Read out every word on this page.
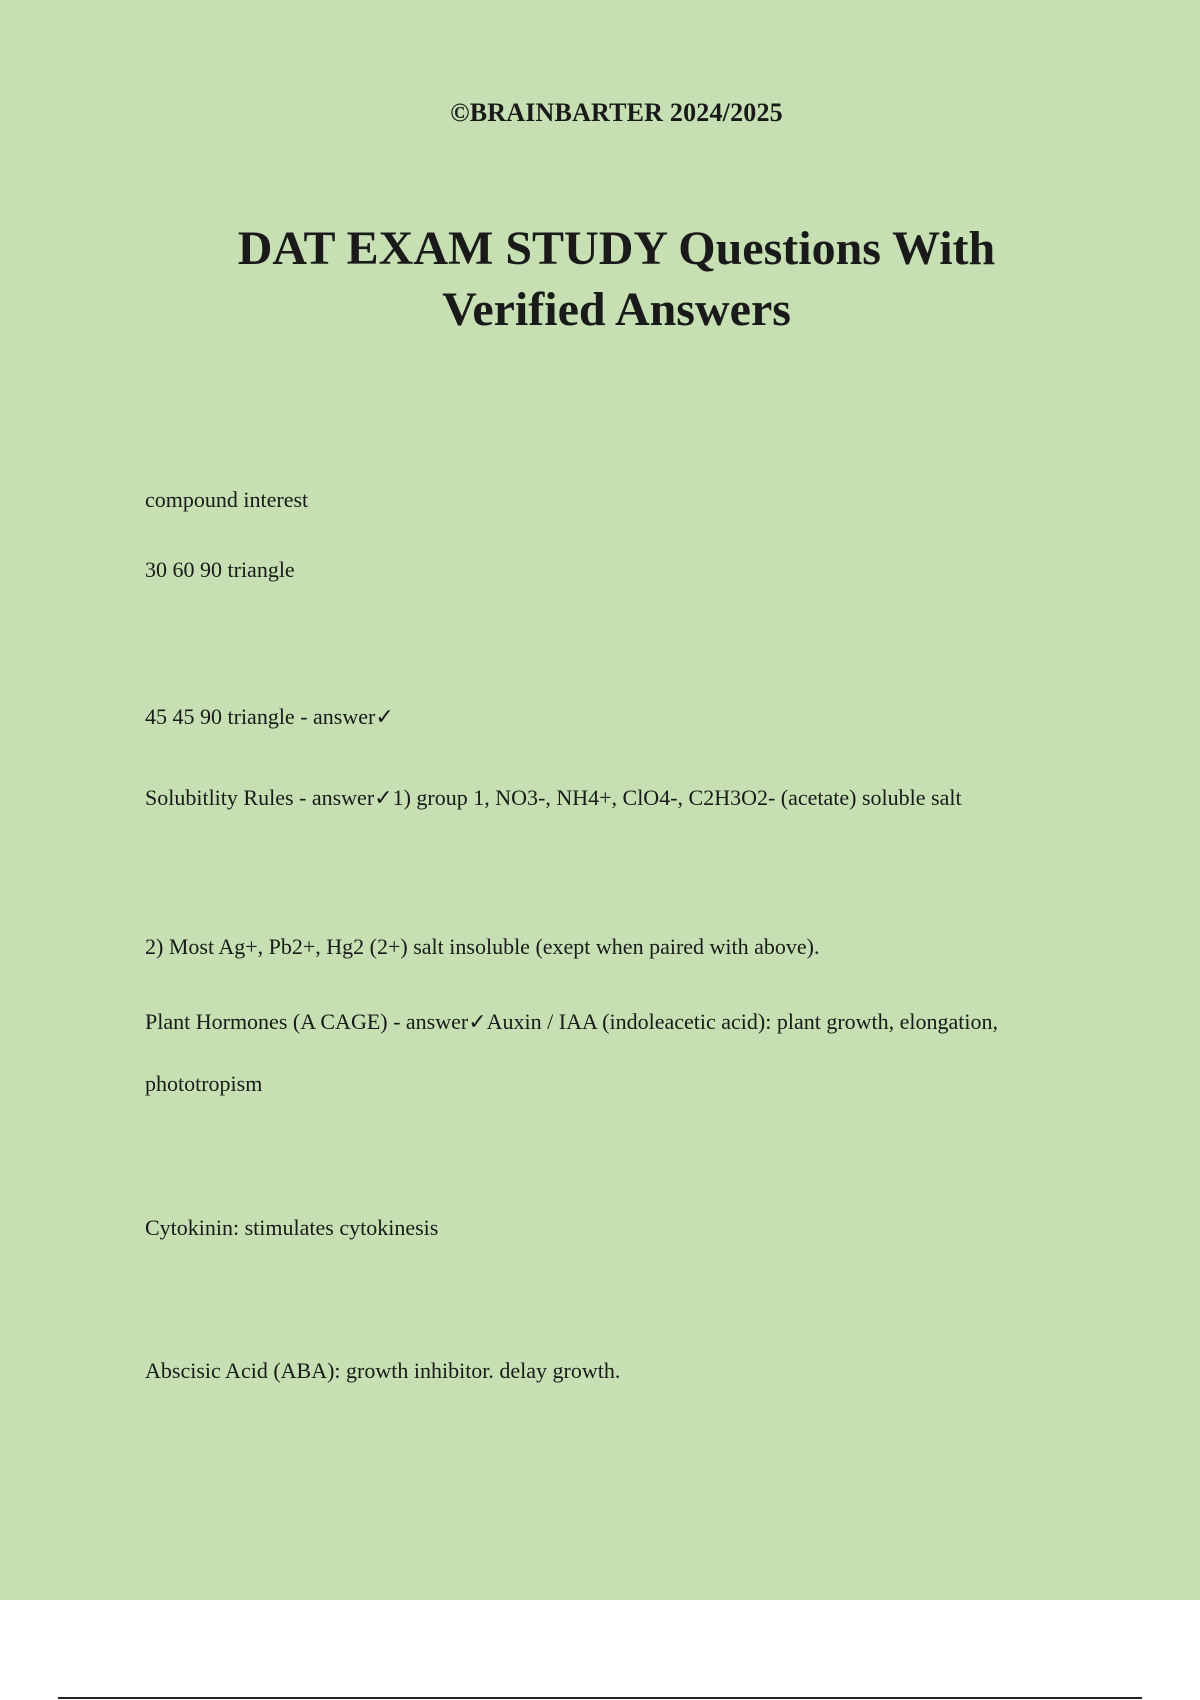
©BRAINBARTER 2024/2025
DAT EXAM STUDY Questions With
Verified Answers
compound interest
30 60 90 triangle
45 45 90 triangle - answer✓
Solubitlity Rules - answer✓1) group 1, NO3-, NH4+, ClO4-, C2H3O2- (acetate) soluble salt
2) Most Ag+, Pb2+, Hg2 (2+) salt insoluble (exept when paired with above).
Plant Hormones (A CAGE) - answer✓Auxin / IAA (indoleacetic acid): plant growth, elongation,
phototropism
Cytokinin: stimulates cytokinesis
Abscisic Acid (ABA): growth inhibitor. delay growth.
